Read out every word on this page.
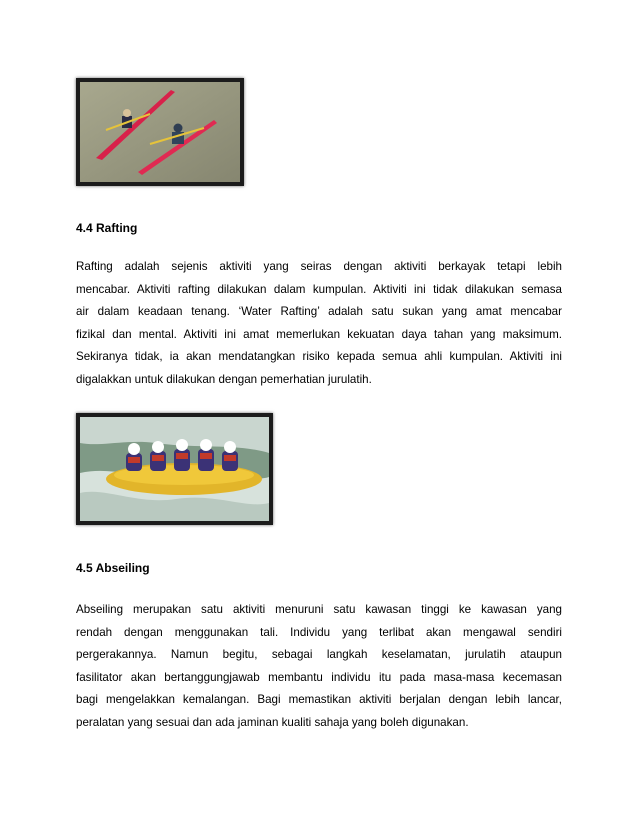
4.4 Rafting
Rafting adalah sejenis aktiviti yang seiras dengan aktiviti berkayak tetapi lebih
mencabar. Aktiviti rafting dilakukan dalam kumpulan. Aktiviti ini tidak dilakukan semasa
air dalam keadaan tenang. ‘Water Rafting’ adalah satu sukan yang amat mencabar
fizikal dan mental. Aktiviti ini amat memerlukan kekuatan daya tahan yang maksimum.
Sekiranya tidak, ia akan mendatangkan risiko kepada semua ahli kumpulan. Aktiviti ini
digalakkan untuk dilakukan dengan pemerhatian jurulatih.
4.5 Abseiling
Abseiling merupakan satu aktiviti menuruni satu kawasan tinggi ke kawasan yang
rendah dengan menggunakan tali. Individu yang terlibat akan mengawal sendiri
pergerakannya. Namun begitu, sebagai langkah keselamatan, jurulatih ataupun
fasilitator akan bertanggungjawab membantu individu itu pada masa-masa kecemasan
bagi mengelakkan kemalangan. Bagi memastikan aktiviti berjalan dengan lebih lancar,
peralatan yang sesuai dan ada jaminan kualiti sahaja yang boleh digunakan.
